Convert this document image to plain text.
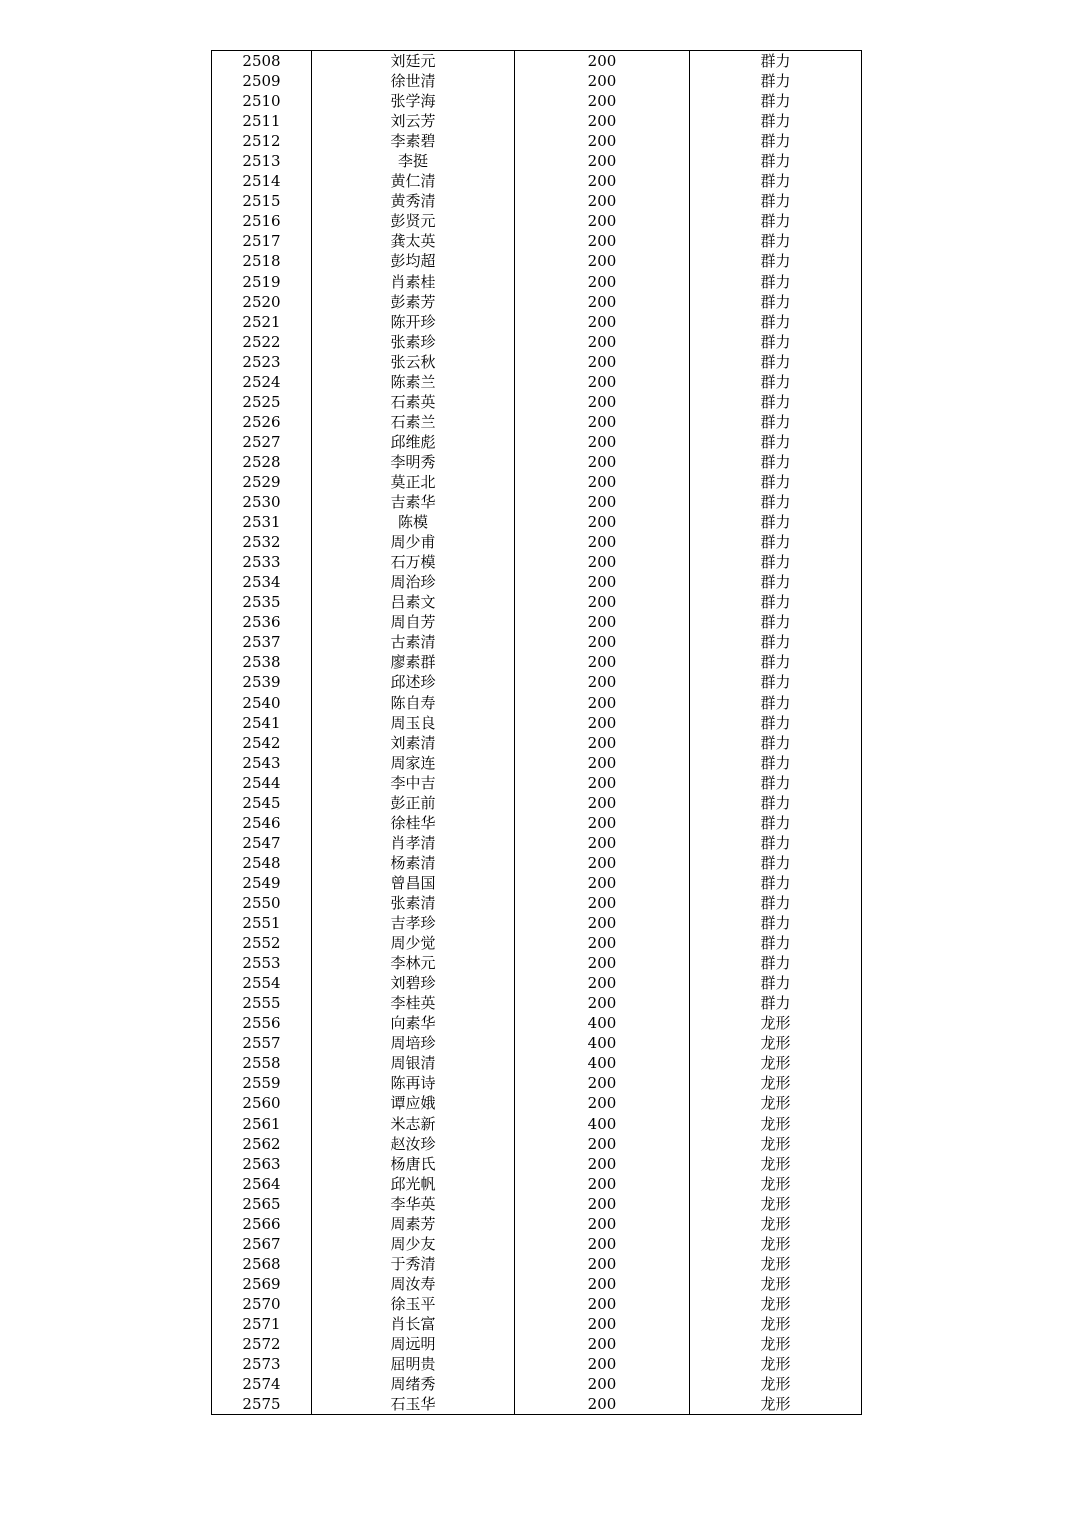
2508	刘廷元	200	群力
2509	徐世清	200	群力
2510	张学海	200	群力
2511	刘云芳	200	群力
2512	李素碧	200	群力
2513	李挺	200	群力
2514	黄仁清	200	群力
2515	黄秀清	200	群力
2516	彭贤元	200	群力
2517	龚太英	200	群力
2518	彭均超	200	群力
2519	肖素桂	200	群力
2520	彭素芳	200	群力
2521	陈开珍	200	群力
2522	张素珍	200	群力
2523	张云秋	200	群力
2524	陈素兰	200	群力
2525	石素英	200	群力
2526	石素兰	200	群力
2527	邱维彪	200	群力
2528	李明秀	200	群力
2529	莫正北	200	群力
2530	吉素华	200	群力
2531	陈模	200	群力
2532	周少甫	200	群力
2533	石万模	200	群力
2534	周治珍	200	群力
2535	吕素文	200	群力
2536	周自芳	200	群力
2537	古素清	200	群力
2538	廖素群	200	群力
2539	邱述珍	200	群力
2540	陈自寿	200	群力
2541	周玉良	200	群力
2542	刘素清	200	群力
2543	周家连	200	群力
2544	李中吉	200	群力
2545	彭正前	200	群力
2546	徐桂华	200	群力
2547	肖孝清	200	群力
2548	杨素清	200	群力
2549	曾昌国	200	群力
2550	张素清	200	群力
2551	吉孝珍	200	群力
2552	周少觉	200	群力
2553	李林元	200	群力
2554	刘碧珍	200	群力
2555	李桂英	200	群力
2556	向素华	400	龙形
2557	周培珍	400	龙形
2558	周银清	400	龙形
2559	陈再诗	200	龙形
2560	谭应娥	200	龙形
2561	米志新	400	龙形
2562	赵汝珍	200	龙形
2563	杨唐氏	200	龙形
2564	邱光帆	200	龙形
2565	李华英	200	龙形
2566	周素芳	200	龙形
2567	周少友	200	龙形
2568	于秀清	200	龙形
2569	周汝寿	200	龙形
2570	徐玉平	200	龙形
2571	肖长富	200	龙形
2572	周远明	200	龙形
2573	屈明贵	200	龙形
2574	周绪秀	200	龙形
2575	石玉华	200	龙形
